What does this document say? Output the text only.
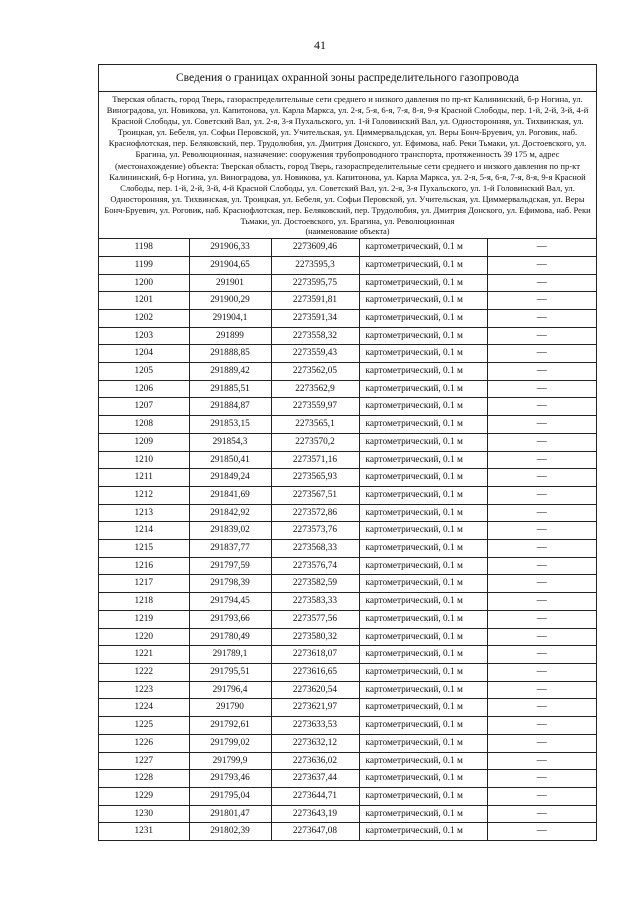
41
Сведения о границах охранной зоны распределительного газопровода
Тверская область, город Тверь, газораспределительные сети среднего и низкого давления по пр-кт Калининский, б-р Ногина, ул. Виноградова, ул. Новикова, ул. Капитонова, ул. Карла Маркса, ул. 2-я, 5-я, 6-я, 7-я, 8-я, 9-я Красной Слободы, пер. 1-й, 2-й, 3-й, 4-й Красной Слободы, ул. Советский Вал, ул. 2-я, 3-я Пухальского, ул. 1-й Головинский Вал, ул. Односторонняя, ул. Тихвинская, ул. Троицкая, ул. Бебеля, ул. Софьи Перовской, ул. Учительская, ул. Циммервальдская, ул. Веры Бонч-Бруевич, ул. Роговик, наб. Краснофлотская, пер. Беляковский, пер. Трудолюбия, ул. Дмитрия Донского, ул. Ефимова, наб. Реки Тьмаки, ул. Достоевского, ул. Брагина, ул. Революционная, назначение: сооружения трубопроводного транспорта, протяженность 39 175 м, адрес (местонахождение) объекта: Тверская область, город Тверь, газораспределительные сети среднего и низкого давления по пр-кт Калининский, б-р Ногина, ул. Виноградова, ул. Новикова, ул. Капитонова, ул. Карла Маркса, ул. 2-я, 5-я, 6-я, 7-я, 8-я, 9-я Красной Слободы, пер. 1-й, 2-й, 3-й, 4-й Красной Слободы, ул. Советский Вал, ул. 2-я, 3-я Пухальского, ул. 1-й Головинский Вал, ул. Односторонняя, ул. Тихвинская, ул. Троицкая, ул. Бебеля, ул. Софьи Перовской, ул. Учительская, ул. Циммервальдская, ул. Веры Бонч-Бруевич, ул. Роговик, наб. Краснофлотская, пер. Беляковский, пер. Трудолюбия, ул. Дмитрия Донского, ул. Ефимова, наб. Реки Тьмаки, ул. Достоевского, ул. Брагина, ул. Революционная
(наименование объекта)
1198	291906,33	2273609,46	картометрический, 0.1 м	—
1199	291904,65	2273595,3	картометрический, 0.1 м	—
1200	291901	2273595,75	картометрический, 0.1 м	—
1201	291900,29	2273591,81	картометрический, 0.1 м	—
1202	291904,1	2273591,34	картометрический, 0.1 м	—
1203	291899	2273558,32	картометрический, 0.1 м	—
1204	291888,85	2273559,43	картометрический, 0.1 м	—
1205	291889,42	2273562,05	картометрический, 0.1 м	—
1206	291885,51	2273562,9	картометрический, 0.1 м	—
1207	291884,87	2273559,97	картометрический, 0.1 м	—
1208	291853,15	2273565,1	картометрический, 0.1 м	—
1209	291854,3	2273570,2	картометрический, 0.1 м	—
1210	291850,41	2273571,16	картометрический, 0.1 м	—
1211	291849,24	2273565,93	картометрический, 0.1 м	—
1212	291841,69	2273567,51	картометрический, 0.1 м	—
1213	291842,92	2273572,86	картометрический, 0.1 м	—
1214	291839,02	2273573,76	картометрический, 0.1 м	—
1215	291837,77	2273568,33	картометрический, 0.1 м	—
1216	291797,59	2273576,74	картометрический, 0.1 м	—
1217	291798,39	2273582,59	картометрический, 0.1 м	—
1218	291794,45	2273583,33	картометрический, 0.1 м	—
1219	291793,66	2273577,56	картометрический, 0.1 м	—
1220	291780,49	2273580,32	картометрический, 0.1 м	—
1221	291789,1	2273618,07	картометрический, 0.1 м	—
1222	291795,51	2273616,65	картометрический, 0.1 м	—
1223	291796,4	2273620,54	картометрический, 0.1 м	—
1224	291790	2273621,97	картометрический, 0.1 м	—
1225	291792,61	2273633,53	картометрический, 0.1 м	—
1226	291799,02	2273632,12	картометрический, 0.1 м	—
1227	291799,9	2273636,02	картометрический, 0.1 м	—
1228	291793,46	2273637,44	картометрический, 0.1 м	—
1229	291795,04	2273644,71	картометрический, 0.1 м	—
1230	291801,47	2273643,19	картометрический, 0.1 м	—
1231	291802,39	2273647,08	картометрический, 0.1 м	—
